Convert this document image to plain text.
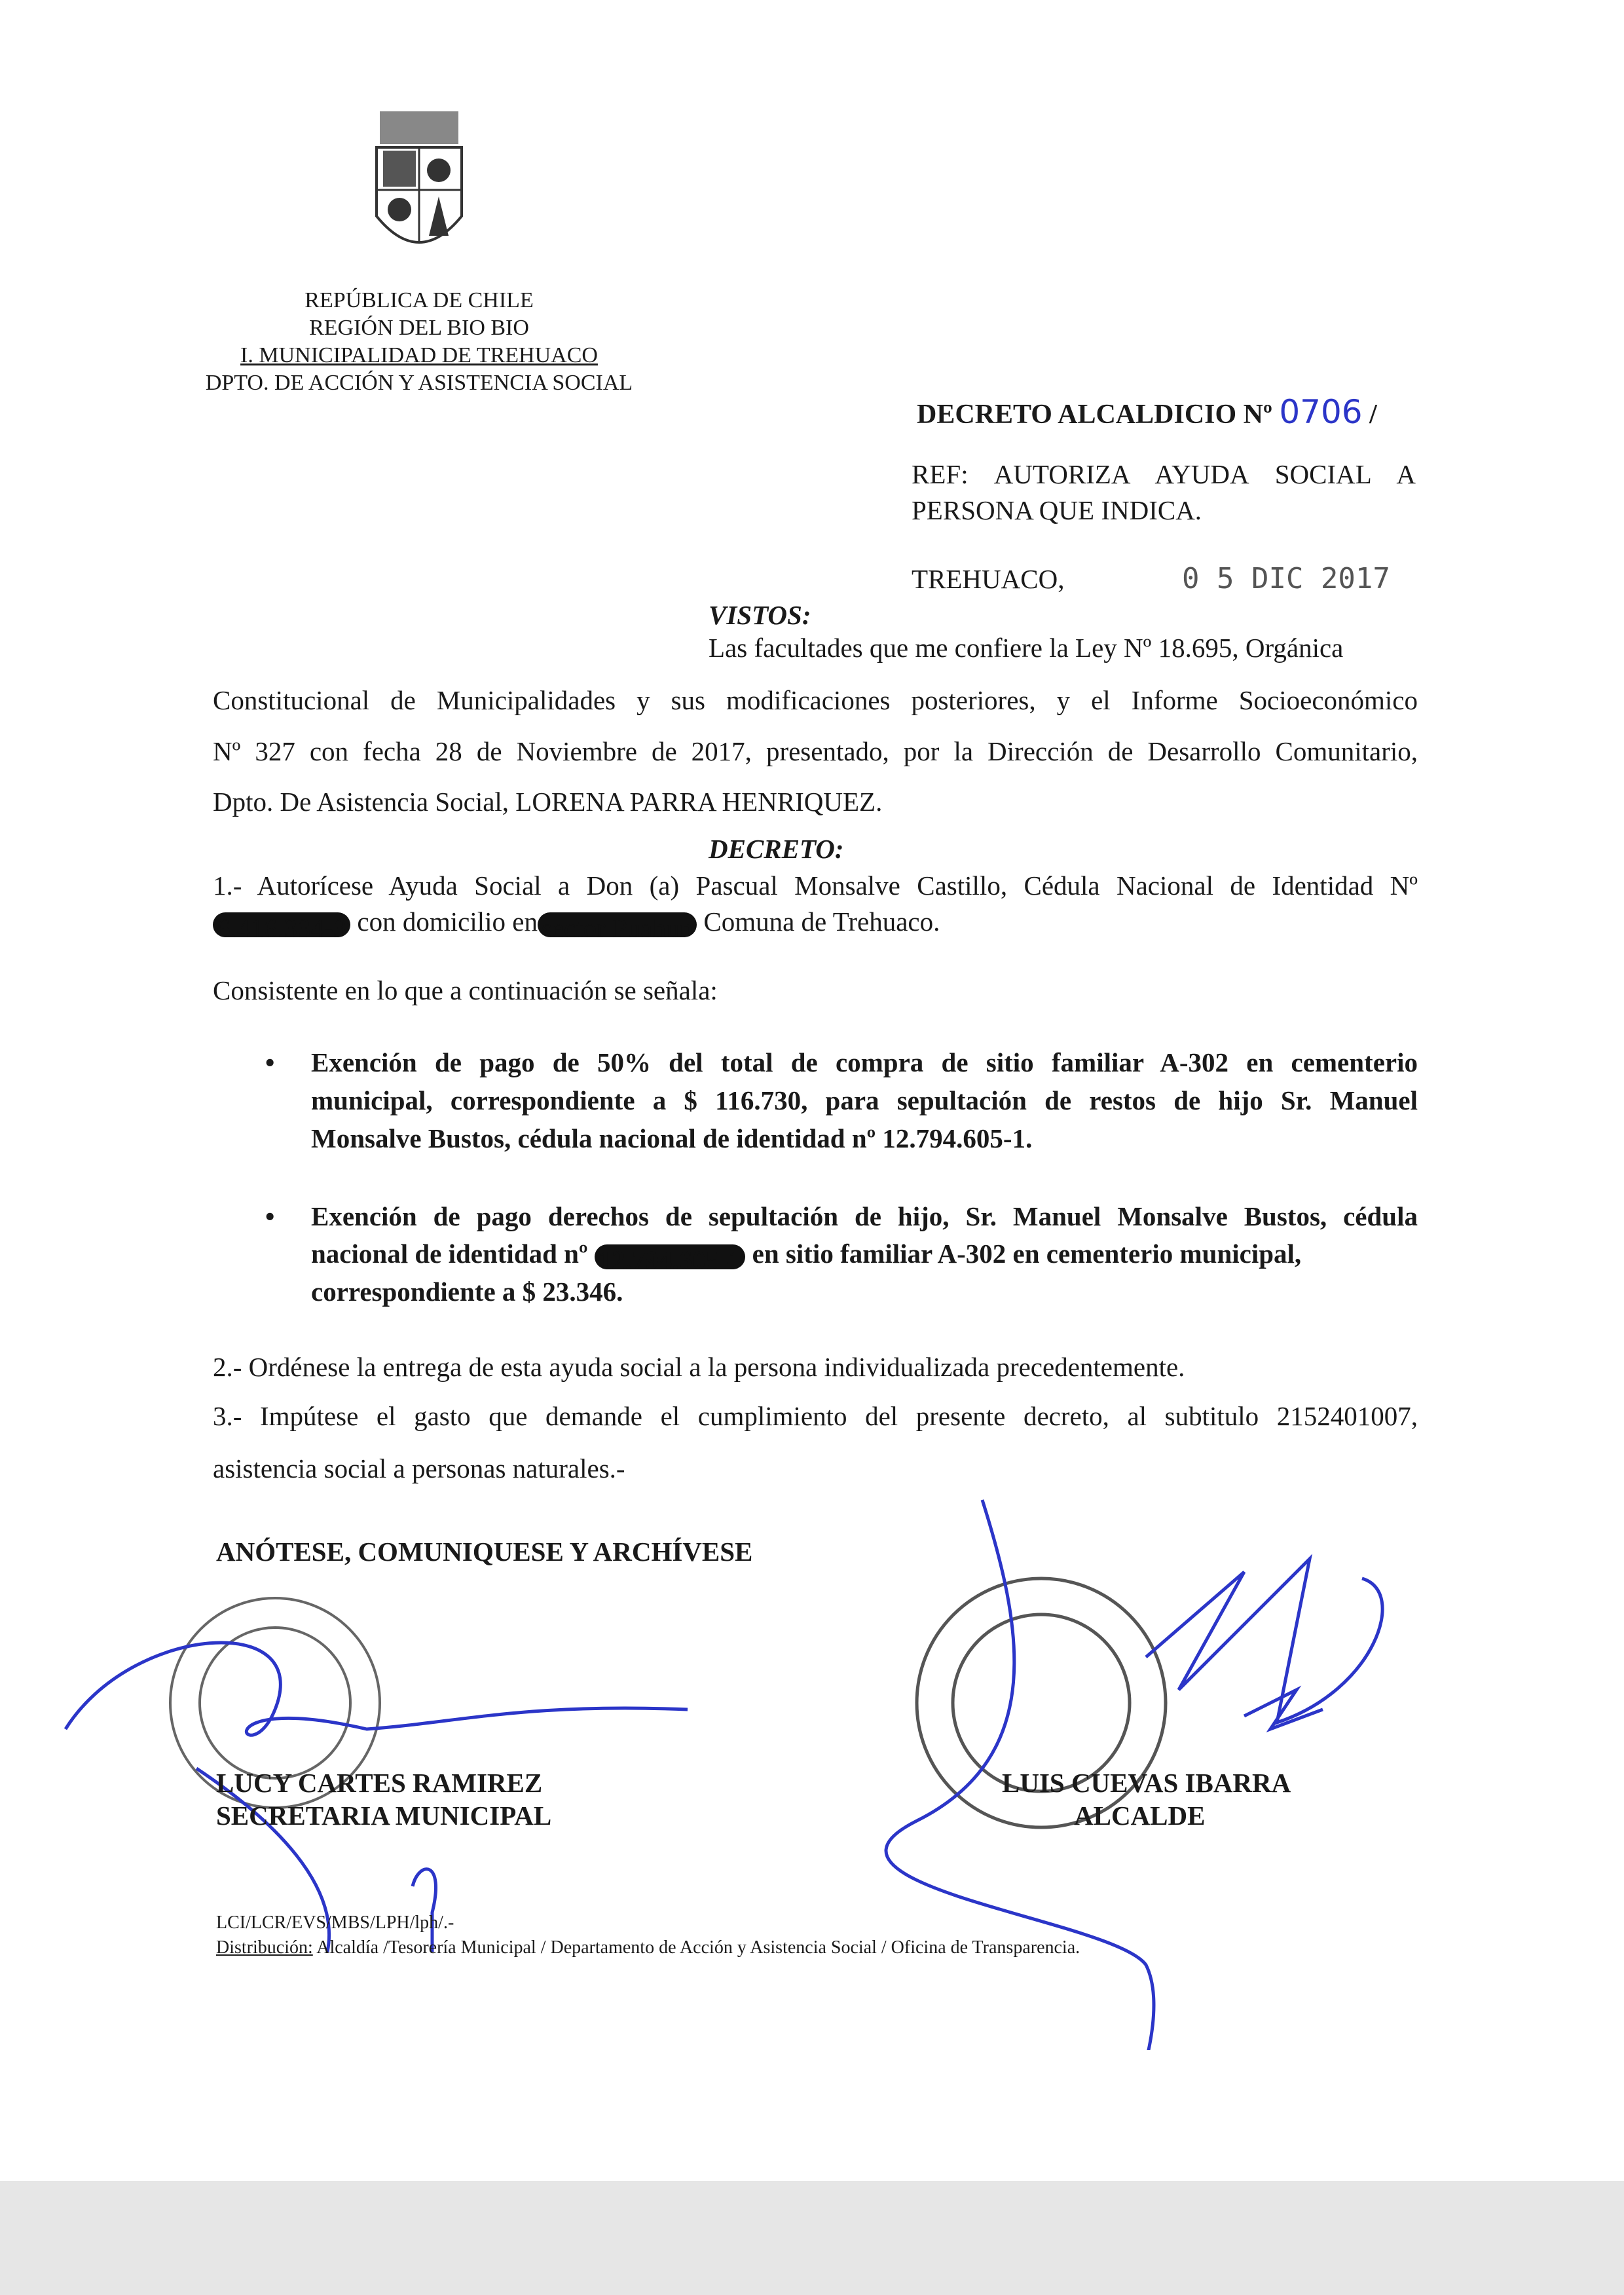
REPÚBLICA DE CHILE
REGIÓN DEL BIO BIO
I. MUNICIPALIDAD DE TREHUACO
DPTO. DE ACCIÓN Y ASISTENCIA SOCIAL
DECRETO ALCALDICIO Nº 0706 /
REF: AUTORIZA AYUDA SOCIAL A
PERSONA QUE INDICA.
TREHUACO,	0 5 DIC 2017
VISTOS:
Las facultades que me confiere la Ley Nº 18.695, Orgánica
Constitucional de Municipalidades y sus modificaciones posteriores, y el Informe Socioeconómico
Nº 327 con fecha 28 de Noviembre de 2017, presentado, por la Dirección de Desarrollo Comunitario,
Dpto. De Asistencia Social, LORENA PARRA HENRIQUEZ.
DECRETO:
1.- Autorícese Ayuda Social a Don (a) Pascual Monsalve Castillo, Cédula Nacional de Identidad Nº
6.416.334-3 con domicilio en sector Puahun Comuna de Trehuaco.
Consistente en lo que a continuación se señala:
• Exención de pago de 50% del total de compra de sitio familiar A-302 en cementerio
municipal, correspondiente a $ 116.730, para sepultación de restos de hijo Sr. Manuel
Monsalve Bustos, cédula nacional de identidad nº 12.794.605-1.
• Exención de pago derechos de sepultación de hijo, Sr. Manuel Monsalve Bustos, cédula
nacional de identidad nº 12.794.605-1 en sitio familiar A-302 en cementerio municipal,
correspondiente a $ 23.346.
2.- Ordénese la entrega de esta ayuda social a la persona individualizada precedentemente.
3.- Impútese el gasto que demande el cumplimiento del presente decreto, al subtitulo 2152401007,
asistencia social a personas naturales.-
ANÓTESE, COMUNIQUESE Y ARCHÍVESE
LUCY CARTES RAMIREZ
SECRETARIA MUNICIPAL
LUIS CUEVAS IBARRA
ALCALDE
LCI/LCR/EVS/MBS/LPH/lph/.-
Distribución: Alcaldía /Tesorería Municipal / Departamento de Acción y Asistencia Social / Oficina de Transparencia.
